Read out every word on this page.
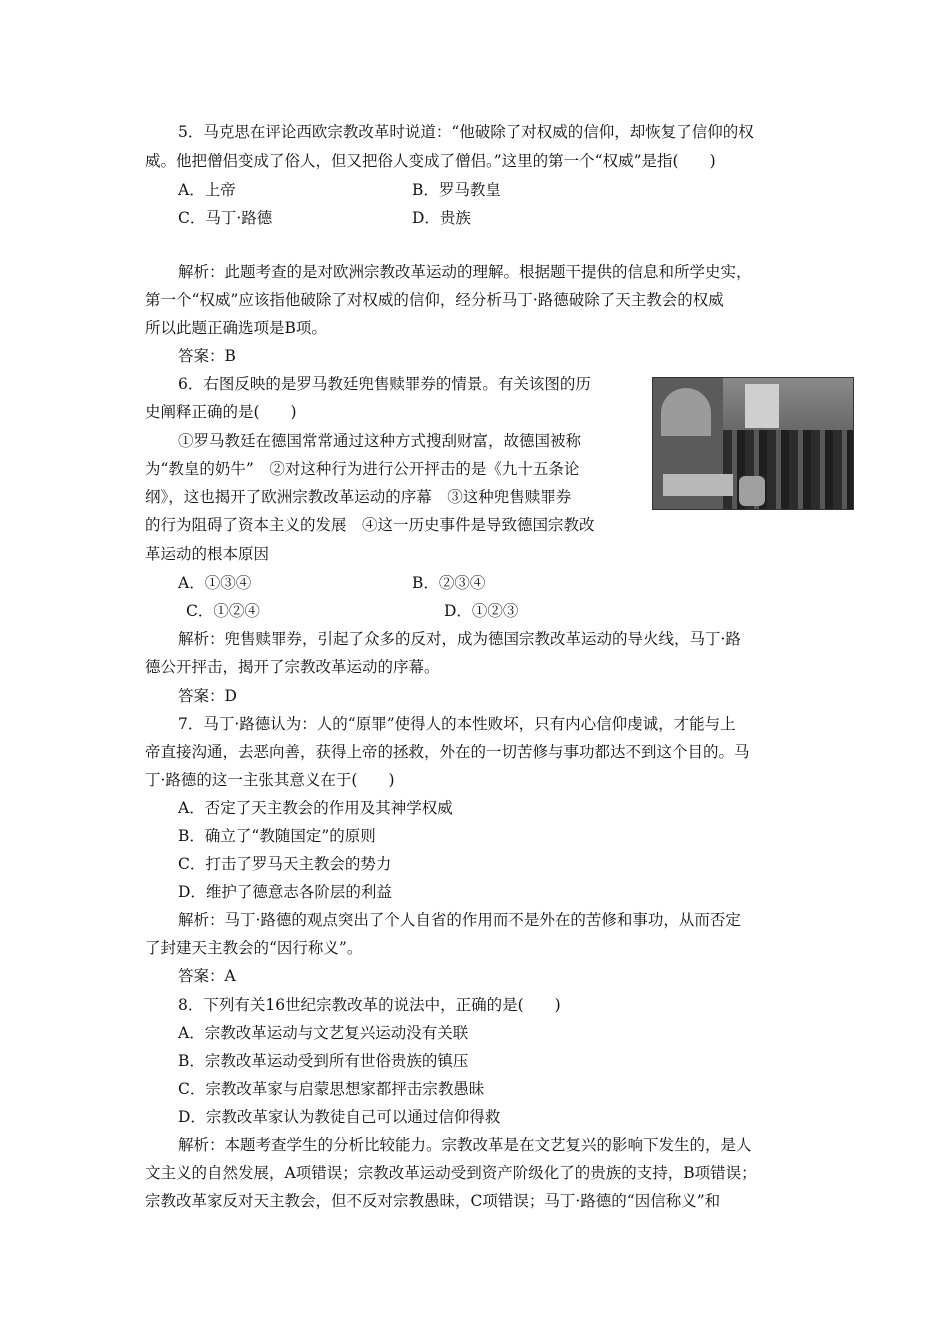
5．马克思在评论西欧宗教改革时说道：“他破除了对权威的信仰，却恢复了信仰的权
威。他把僧侣变成了俗人，但又把俗人变成了僧侣。”这里的第一个“权威”是指(　　)
A．上帝	B．罗马教皇
C．马丁·路德	D．贵族
解析：此题考查的是对欧洲宗教改革运动的理解。根据题干提供的信息和所学史实，
第一个“权威”应该指他破除了对权威的信仰，经分析马丁·路德破除了天主教会的权威
所以此题正确选项是B项。
答案：B
6．右图反映的是罗马教廷兜售赎罪券的情景。有关该图的历
史阐释正确的是(　　)
①罗马教廷在德国常常通过这种方式搜刮财富，故德国被称
为“教皇的奶牛”　②对这种行为进行公开抨击的是《九十五条论
纲》，这也揭开了欧洲宗教改革运动的序幕　③这种兜售赎罪券
的行为阻碍了资本主义的发展　④这一历史事件是导致德国宗教改
革运动的根本原因
A．①③④	B．②③④
C．①②④	D．①②③
解析：兜售赎罪券，引起了众多的反对，成为德国宗教改革运动的导火线，马丁·路
德公开抨击，揭开了宗教改革运动的序幕。
答案：D
7．马丁·路德认为：人的“原罪”使得人的本性败坏，只有内心信仰虔诚，才能与上
帝直接沟通，去恶向善，获得上帝的拯救，外在的一切苦修与事功都达不到这个目的。马
丁·路德的这一主张其意义在于(　　)
A．否定了天主教会的作用及其神学权威
B．确立了“教随国定”的原则
C．打击了罗马天主教会的势力
D．维护了德意志各阶层的利益
解析：马丁·路德的观点突出了个人自省的作用而不是外在的苦修和事功，从而否定
了封建天主教会的“因行称义”。
答案：A
8．下列有关16世纪宗教改革的说法中，正确的是(　　)
A．宗教改革运动与文艺复兴运动没有关联
B．宗教改革运动受到所有世俗贵族的镇压
C．宗教改革家与启蒙思想家都抨击宗教愚昧
D．宗教改革家认为教徒自己可以通过信仰得救
解析：本题考查学生的分析比较能力。宗教改革是在文艺复兴的影响下发生的，是人
文主义的自然发展，A项错误；宗教改革运动受到资产阶级化了的贵族的支持，B项错误；
宗教改革家反对天主教会，但不反对宗教愚昧，C项错误；马丁·路德的“因信称义”和
